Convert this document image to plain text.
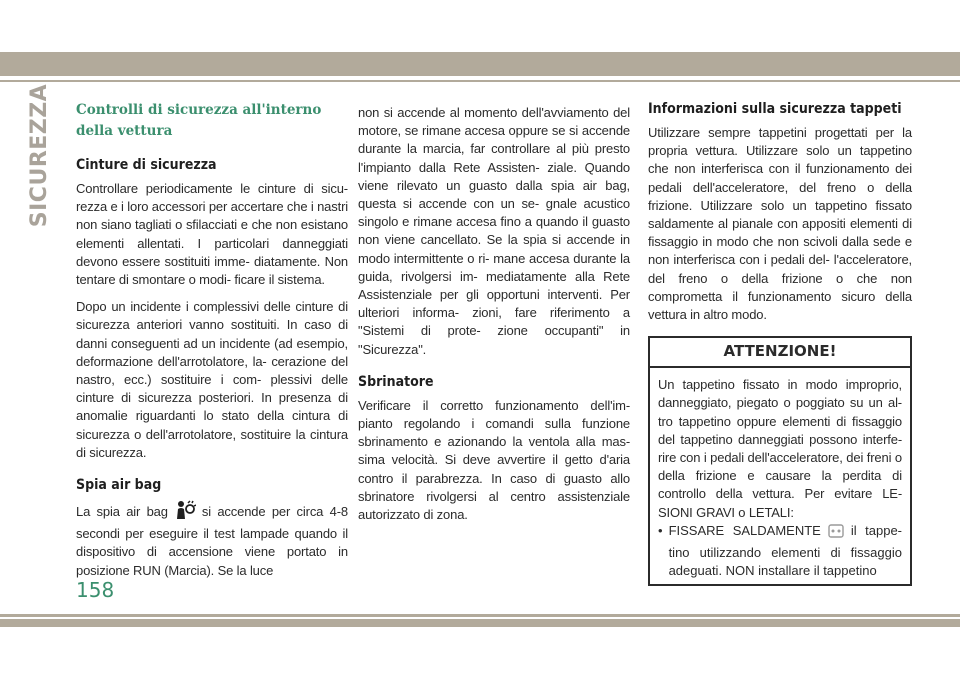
SICUREZZA Controlli di sicurezza all'interno della vettura
Cinture di sicurezza

Controllare periodicamente le cinture di sicu- rezza e i loro accessori per accertare che i nastri non siano tagliati o sfilacciati e che non esistano elementi allentati. I particolari danneggiati devono essere sostituiti imme- diatamente. Non tentare di smontare o modi- ficare il sistema.

Dopo un incidente i complessivi delle cinture di sicurezza anteriori vanno sostituiti. In caso di danni conseguenti ad un incidente (ad esempio, deformazione dell'arrotolatore, la- cerazione del nastro, ecc.) sostituire i com- plessivi delle cinture di sicurezza posteriori. In presenza di anomalie riguardanti lo stato della cintura di sicurezza o dell'arrotolatore, sostituire la cintura di sicurezza.

Spia air bag

La spia air bag	si accende per circa 4-8 secondi per eseguire il test lampade quando il dispositivo di accensione viene portato in posizione RUN (Marcia). Se la luce

non si accende al momento dell'avviamento del motore, se rimane accesa oppure se si accende durante la marcia, far controllare al più presto l'impianto dalla Rete Assisten- ziale. Quando viene rilevato un guasto dalla spia air bag, questa si accende con un se- gnale acustico singolo e rimane accesa fino a quando il guasto non viene cancellato. Se la spia si accende in modo intermittente o ri- mane accesa durante la guida, rivolgersi im- mediatamente alla Rete Assistenziale per gli opportuni interventi. Per ulteriori informa- zioni, fare riferimento a "Sistemi di prote- zione occupanti" in "Sicurezza".

Sbrinatore

Verificare il corretto funzionamento dell'im- pianto regolando i comandi sulla funzione sbrinamento e azionando la ventola alla mas- sima velocità. Si deve avvertire il getto d'aria contro il parabrezza. In caso di guasto allo sbrinatore rivolgersi al centro assistenziale autorizzato di zona.

Informazioni sulla sicurezza tappeti

Utilizzare sempre tappetini progettati per la propria vettura. Utilizzare solo un tappetino che non interferisca con il funzionamento dei pedali dell'acceleratore, del freno o della frizione. Utilizzare solo un tappetino fissato saldamente al pianale con appositi elementi di fissaggio in modo che non scivoli dalla sede e non interferisca con i pedali del- l'acceleratore, del freno o della frizione o che non comprometta il funzionamento sicuro della vettura in altro modo.

ATTENZIONE!

Un tappetino fissato in modo improprio, danneggiato, piegato o poggiato su un al- tro tappetino oppure elementi di fissaggio del tappetino danneggiati possono interfe- rire con i pedali dell'acceleratore, dei freni o della frizione e causare la perdita di controllo della vettura. Per evitare LE- SIONI GRAVI o LETALI:

• FISSARE SALDAMENTE il tappe- tino utilizzando elementi di fissaggio adeguati. NON installare il tappetino
158
